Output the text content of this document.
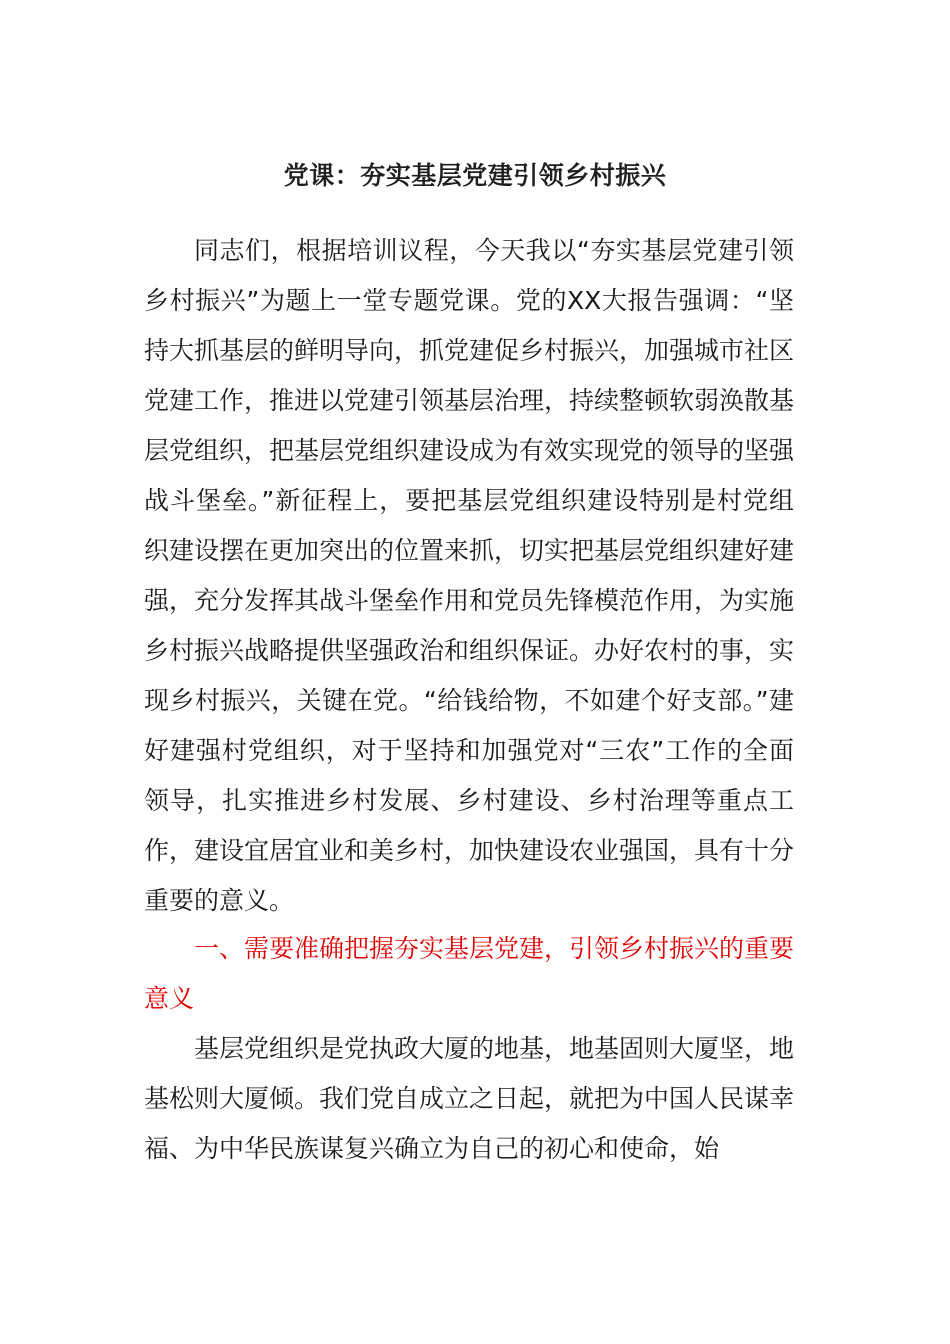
党课：夯实基层党建引领乡村振兴

同志们，根据培训议程，今天我以“夯实基层党建引领乡村振兴”为题上一堂专题党课。党的XX大报告强调：“坚持大抓基层的鲜明导向，抓党建促乡村振兴，加强城市社区党建工作，推进以党建引领基层治理，持续整顿软弱涣散基层党组织，把基层党组织建设成为有效实现党的领导的坚强战斗堡垒。”新征程上，要把基层党组织建设特别是村党组织建设摆在更加突出的位置来抓，切实把基层党组织建好建强，充分发挥其战斗堡垒作用和党员先锋模范作用，为实施乡村振兴战略提供坚强政治和组织保证。办好农村的事，实现乡村振兴，关键在党。“给钱给物，不如建个好支部。”建好建强村党组织，对于坚持和加强党对“三农”工作的全面领导，扎实推进乡村发展、乡村建设、乡村治理等重点工作，建设宜居宜业和美乡村，加快建设农业强国，具有十分重要的意义。

一、需要准确把握夯实基层党建，引领乡村振兴的重要意义

基层党组织是党执政大厦的地基，地基固则大厦坚，地基松则大厦倾。我们党自成立之日起，就把为中国人民谋幸福、为中华民族谋复兴确立为自己的初心和使命，始
